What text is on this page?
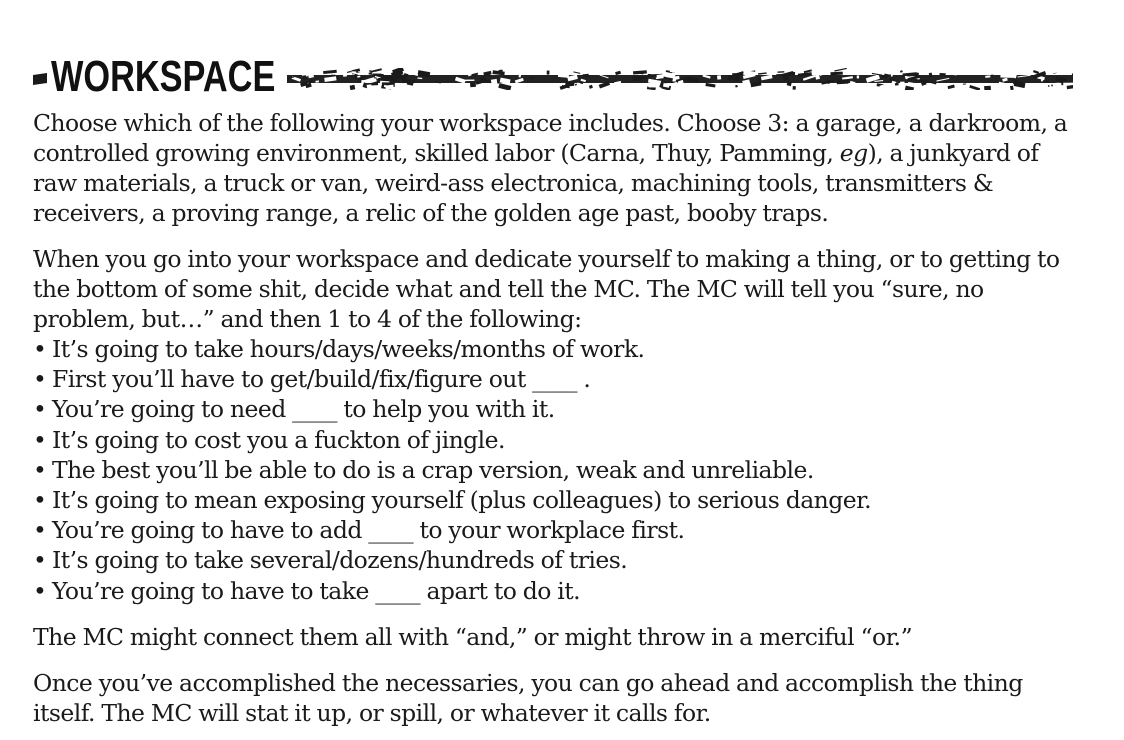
WORKSPACE

Choose which of the following your workspace includes. Choose 3: a garage, a darkroom, a controlled growing environment, skilled labor (Carna, Thuy, Pamming, eg), a junkyard of raw materials, a truck or van, weird-ass electronica, machining tools, transmitters & receivers, a proving range, a relic of the golden age past, booby traps.

When you go into your workspace and dedicate yourself to making a thing, or to getting to the bottom of some shit, decide what and tell the MC. The MC will tell you “sure, no problem, but…” and then 1 to 4 of the following:

• It’s going to take hours/days/weeks/months of work.
• First you’ll have to get/build/fix/figure out ____ .
• You’re going to need ____ to help you with it.
• It’s going to cost you a fuckton of jingle.
• The best you’ll be able to do is a crap version, weak and unreliable.
• It’s going to mean exposing yourself (plus colleagues) to serious danger.
• You’re going to have to add ____ to your workplace first.
• It’s going to take several/dozens/hundreds of tries.
• You’re going to have to take ____ apart to do it.

The MC might connect them all with “and,” or might throw in a merciful “or.”

Once you’ve accomplished the necessaries, you can go ahead and accomplish the thing itself. The MC will stat it up, or spill, or whatever it calls for.
